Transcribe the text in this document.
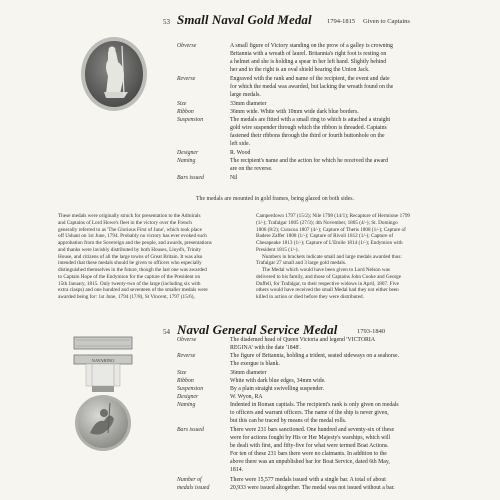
53 Small Naval Gold Medal 1794-1815 Given to Captains
Obverse	A small figure of Victory standing on the prow of a galley is crowning
Britannia with a wreath of laurel. Britannia's right foot is resting on
a helmet and she is holding a spear in her left hand. Slightly behind
her and to the right is an oval shield bearing the Union Jack.
Reverse	Engraved with the rank and name of the recipient, the event and date
for which the medal was awarded, but lacking the wreath found on the
large medals.
Size	33mm diameter
Ribbon	36mm wide. White with 10mm wide dark blue borders.
Suspension	The medals are fitted with a small ring to which is attached a straight
gold wire suspender through which the ribbon is threaded. Captains
fastened their ribbons through the third or fourth buttonhole on the
left side.
Designer	R. Wood
Naming	The recipient's name and the action for which he received the award
are on the reverse.
Bars issued	Nil
The medals are mounted in gold frames, being glazed on both sides.
These medals were originally struck for presentation to the Admirals
and Captains of Lord Howe's fleet in the victory over the French
generally referred to as 'The Glorious First of June', which took place
off Ushant on 1st June, 1794. Probably no victory has ever evoked such
approbation from the Sovereign and the people, and awards, presentations
and thanks were lavishly distributed by both Houses, Lloyd's, Trinity
House, and citizens of all the large towns of Great Britain. It was also
intended that these medals should be given to officers who especially
distinguished themselves in the future, though the last one was awarded
to Captain Hope of the Endymion for the capture of the President on
15th January, 1815. Only twenty-two of the large (including six with
extra clasps) and one hundred and seventeen of the smaller medals were
awarded being for: 1st June, 1794 (17/8), St Vincent, 1797 (15/6),
Camperdown 1797 (15/2); Nile 1798 (14/1); Recapture of Hermione 1799
(1/-); Trafalgar 1805 (27/3); 4th November, 1805 (4/-); St. Domingo
1806 (8/2); Curacoa 1807 (4/-); Capture of Thetis 1808 (1/-); Capture of
Badere Zaffer 1808 (1/-); Capture of Rivoli 1812 (1/-); Capture of
Chesapeake 1813 (1/-); Capture of L'Etoile 1814 (1/-); Endymion with
President 1815 (1/-).
Numbers in brackets indicate small and large medals awarded thus:
Trafalgar 27 small and 3 large gold medals.
The Medal which would have been given to Lord Nelson was
delivered to his family, and those of Captains John Cooke and George
Duffell, for Trafalgar, to their respective widows in April, 1807. Five
others would have received the small Medal had they not either been
killed in action or died before they were distributed.
54 Naval General Service Medal	1793-1840
NAVARINO
Obverse	The diademed head of Queen Victoria and legend 'VICTORIA
REGINA' with the date '1848'.
Reverse	The figure of Britannia, holding a trident, seated sideways on a seahorse.
The exergue is blank.
Size	36mm diameter
Ribbon	White with dark blue edges, 34mm wide.
Suspension	By a plain straight swivelling suspender.
Designer	W. Wyon, RA
Naming	Indented in Roman capitals. The recipient's rank is only given on medals
to officers and warrant officers. The name of the ship is never given,
but this can be traced by means of the medal rolls.
Bars issued	There were 231 bars sanctioned. One hundred and seventy-six of these
were for actions fought by His or Her Majesty's warships, which will
be dealt with first, and fifty-five for what were termed Boat Actions.
For ten of these 231 bars there were no claimants. In addition to the
above there was an unpublished bar for Boat Service, dated 6th May,
1814.
Number of
medals issued
There were 15,577 medals issued with a single bar. A total of about
20,933 were issued altogether. The medal was not issued without a bar.
